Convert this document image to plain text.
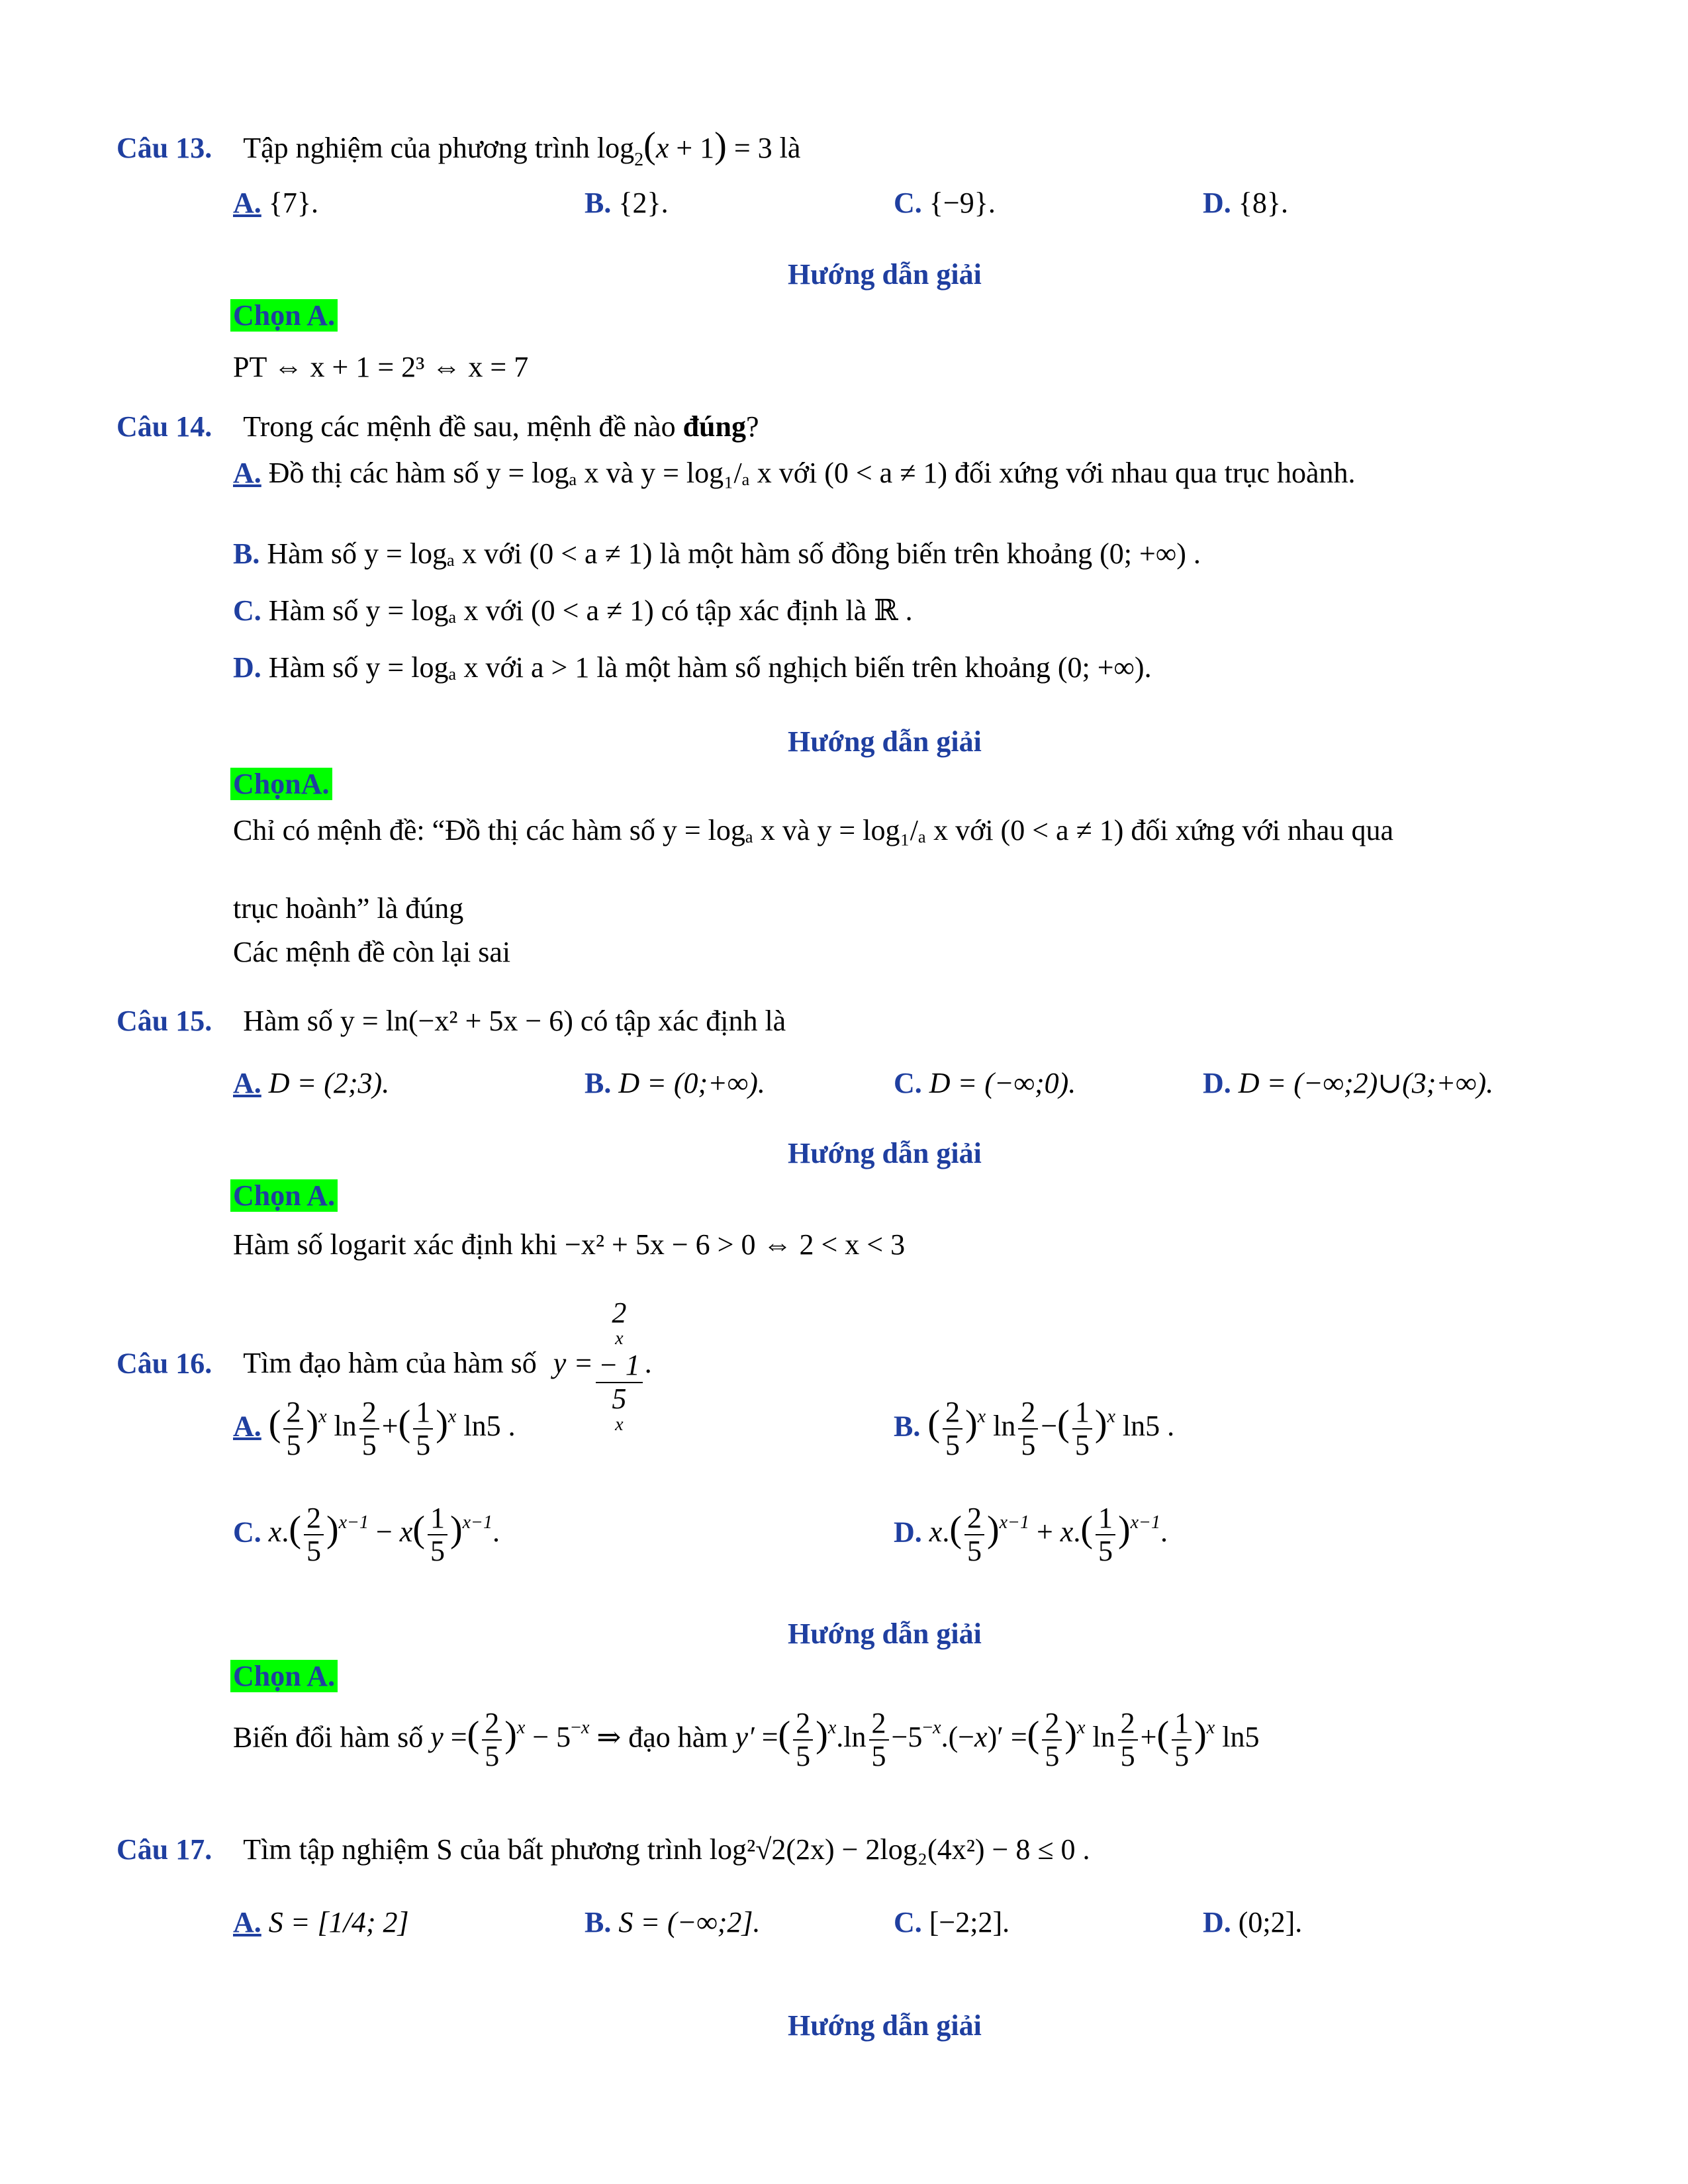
Câu 13. Tập nghiệm của phương trình $\log_2(x + 1) = 3$ là
A. {7}.	B. {2}.	C. {−9}.	D. {8}.
Hướng dẫn giải
Chọn A.
PT ⇔ x + 1 = 2³ ⇔ x = 7
Câu 14. Trong các mệnh đề sau, mệnh đề nào đúng?
A. Đồ thị các hàm số y = logₐ x và y = log₁/ₐ x với (0 < a ≠ 1) đối xứng với nhau qua trục hoành.
B. Hàm số y = logₐ x với (0 < a ≠ 1) là một hàm số đồng biến trên khoảng (0; +∞) .
C. Hàm số y = logₐ x với (0 < a ≠ 1) có tập xác định là ℝ .
D. Hàm số y = logₐ x với a > 1 là một hàm số nghịch biến trên khoảng (0; +∞).
Hướng dẫn giải
ChọnA.
Chỉ có mệnh đề: “Đồ thị các hàm số y = logₐ x và y = log₁/ₐ x với (0 < a ≠ 1) đối xứng với nhau qua
trục hoành” là đúng
Các mệnh đề còn lại sai
Câu 15. Hàm số y = ln(−x² + 5x − 6) có tập xác định là
A. D = (2;3).	B. D = (0;+∞).	C. D = (−∞;0).	D. D = (−∞;2)∪(3;+∞).
Hướng dẫn giải
Chọn A.
Hàm số logarit xác định khi −x² + 5x − 6 > 0 ⇔ 2 < x < 3
Câu 16. Tìm đạo hàm của hàm số y = 2
x
− 1
5
x .
A. ( $\frac{2}{5} )^x$ $\ln \frac{2}{5}$ +( $\frac{1}{5} )^x$ ln5 .	B. ( $\frac{2}{5} )^x$ $\ln \frac{2}{5}$ −( $\frac{1}{5} )^x$ ln5 .
C. $x.( \frac{2}{5} )^{x-1} - x( \frac{1}{5} )^{x-1}$.	D. $x.( \frac{2}{5} )^{x-1} + x.( \frac{1}{5} )^{x-1}$.
Hướng dẫn giải
Chọn A.
Biến đổi hàm số y =( $\frac{2}{5} )^x - 5^{-x}$ ⇒ đạo hàm y′ =( $\frac{2}{5} )^x.\ln \frac{2}{5} -5^{-x}.(-x)'$ =( $\frac{2}{5} )^x$ $\ln \frac{2}{5}$ +( $\frac{1}{5} )^x$ ln5
Câu 17. Tìm tập nghiệm S của bất phương trình log²√2(2x) − 2log₂(4x²) − 8 ≤ 0 .
A. S = [1/4; 2]	B. S = (−∞;2].	C. [−2;2].	D. (0;2].
Hướng dẫn giải
